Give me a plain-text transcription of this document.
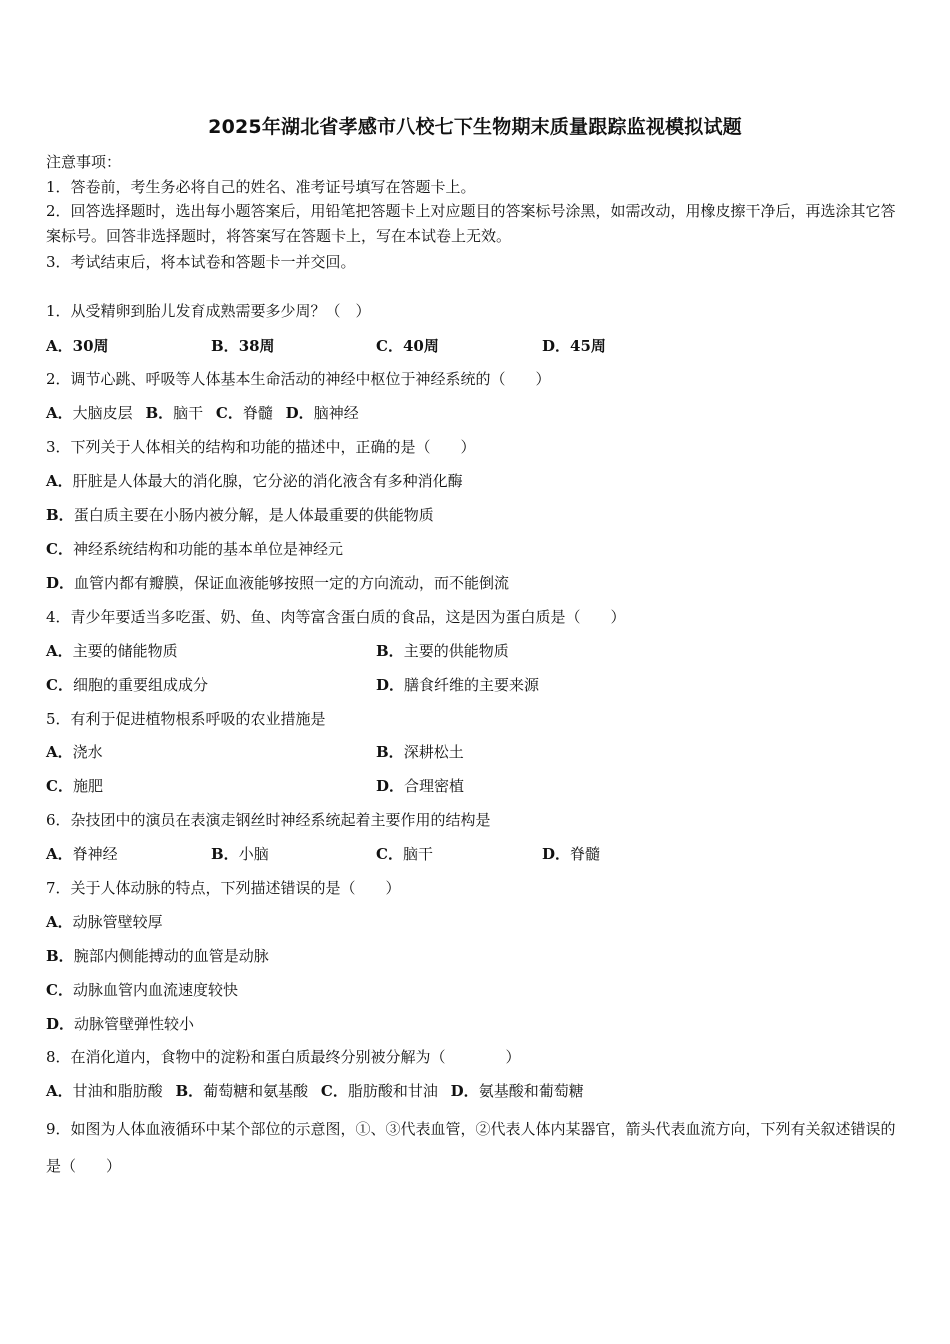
2025年湖北省孝感市八校七下生物期末质量跟踪监视模拟试题
注意事项：
1．答卷前，考生务必将自己的姓名、准考证号填写在答题卡上。
2．回答选择题时，选出每小题答案后，用铅笔把答题卡上对应题目的答案标号涂黑，如需改动，用橡皮擦干净后，再选涂其它答案标号。回答非选择题时，将答案写在答题卡上，写在本试卷上无效。
3．考试结束后，将本试卷和答题卡一并交回。
1．从受精卵到胎儿发育成熟需要多少周？（　）
A．30周	B．38周	C．40周	D．45周
2．调节心跳、呼吸等人体基本生命活动的神经中枢位于神经系统的（　　）
A．大脑皮层 B．脑干 C．脊髓 D．脑神经
3．下列关于人体相关的结构和功能的描述中，正确的是（　　）
A．肝脏是人体最大的消化腺，它分泌的消化液含有多种消化酶
B．蛋白质主要在小肠内被分解，是人体最重要的供能物质
C．神经系统结构和功能的基本单位是神经元
D．血管内都有瓣膜，保证血液能够按照一定的方向流动，而不能倒流
4．青少年要适当多吃蛋、奶、鱼、肉等富含蛋白质的食品，这是因为蛋白质是（　　）
A．主要的储能物质	B．主要的供能物质
C．细胞的重要组成成分	D．膳食纤维的主要来源
5．有利于促进植物根系呼吸的农业措施是
A．浇水	B．深耕松土
C．施肥	D．合理密植
6．杂技团中的演员在表演走钢丝时神经系统起着主要作用的结构是
A．脊神经	B．小脑	C．脑干	D．脊髓
7．关于人体动脉的特点，下列描述错误的是（　　）
A．动脉管壁较厚
B．腕部内侧能搏动的血管是动脉
C．动脉血管内血流速度较快
D．动脉管壁弹性较小
8．在消化道内，食物中的淀粉和蛋白质最终分别被分解为（　　　　）
A．甘油和脂肪酸 B．葡萄糖和氨基酸 C．脂肪酸和甘油 D．氨基酸和葡萄糖
9．如图为人体血液循环中某个部位的示意图，①、③代表血管，②代表人体内某器官，箭头代表血流方向，下列有关叙述错误的是（　　）
